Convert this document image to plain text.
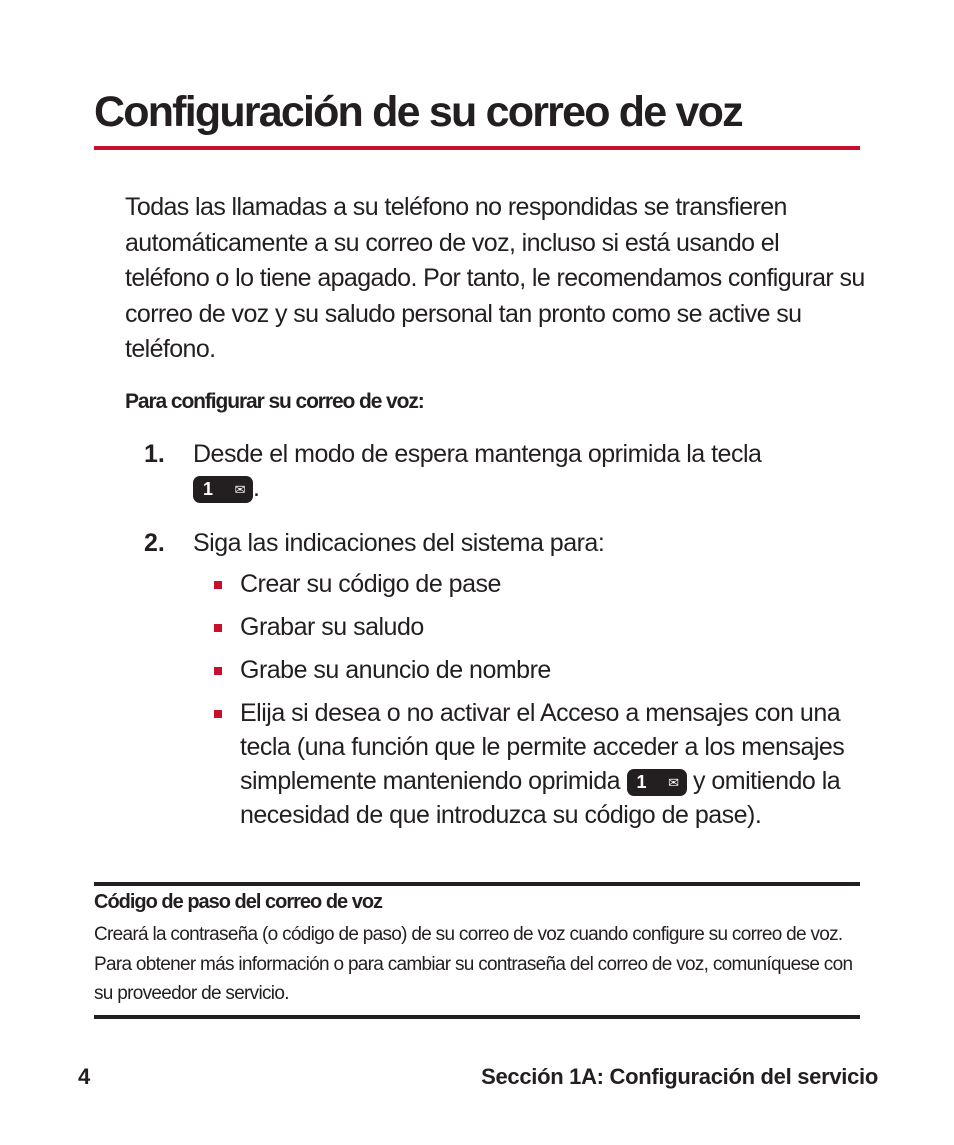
Configuración de su correo de voz

Todas las llamadas a su teléfono no respondidas se transfieren automáticamente a su correo de voz, incluso si está usando el teléfono o lo tiene apagado. Por tanto, le recomendamos configurar su correo de voz y su saludo personal tan pronto como se active su teléfono.

Para configurar su correo de voz:
1. Desde el modo de espera mantenga oprimida la tecla

1 ✉ .
2. Siga las indicaciones del sistema para:
Crear su código de pase
Grabar su saludo
Grabe su anuncio de nombre
Elija si desea o no activar el Acceso a mensajes con una tecla (una función que le permite acceder a los mensajes simplemente manteniendo oprimida 1 ✉ y omitiendo la necesidad de que introduzca su código de pase).
Código de paso del correo de voz

Creará la contraseña (o código de paso) de su correo de voz cuando configure su correo de voz. Para obtener más información o para cambiar su contraseña del correo de voz, comuníquese con su proveedor de servicio.

4	Sección 1A: Configuración del servicio
